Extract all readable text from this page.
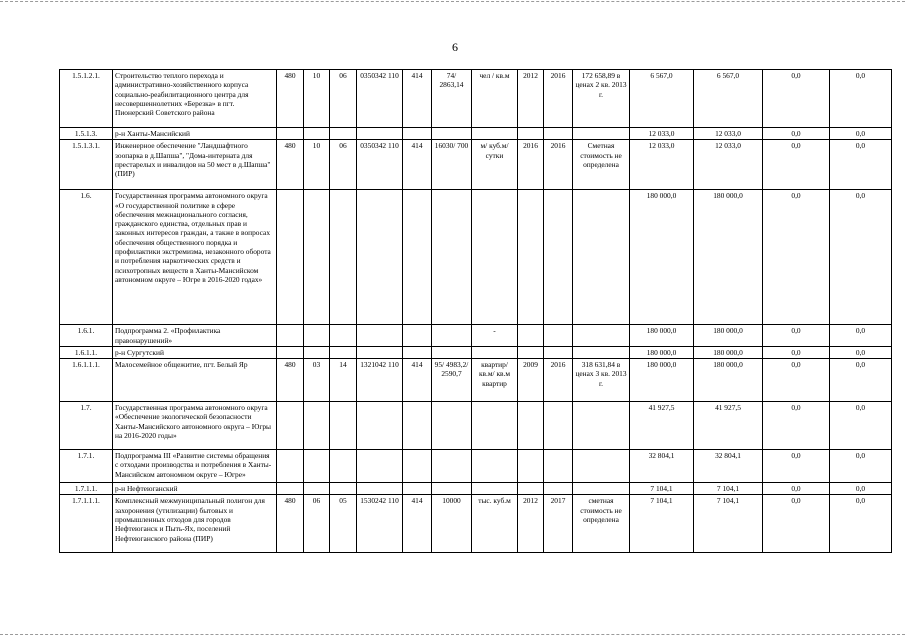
6
1.5.1.2.1.	Строительство теплого перехода и административно-хозяйственного корпуса социально-реабилитационного центра для несовершеннолетних «Березка» в пгт. Пионерский Советского района	480	10	06	0350342 110	414	74/ 2863,14	чел / кв.м	2012	2016	172 658,89 в ценах 2 кв. 2013 г.	6 567,0	6 567,0	0,0	0,0
1.5.1.3.	р-н Ханты-Мансийский											12 033,0	12 033,0	0,0	0,0
1.5.1.3.1.	Инженерное обеспечение "Ландшафтного зоопарка в д.Шапша", "Дома-интерната для престарелых и инвалидов на 50 мест в д.Шапша" (ПИР)	480	10	06	0350342 110	414	16030/ 700	м/ куб.м/ сутки	2016	2016	Сметная стоимость не определена	12 033,0	12 033,0	0,0	0,0
1.6.	Государственная программа автономного округа «О государственной политике в сфере обеспечения межнационального согласия, гражданского единства, отдельных прав и законных интересов граждан, а также в вопросах обеспечения общественного порядка и профилактики экстремизма, незаконного оборота и потребления наркотических средств и психотропных веществ в Ханты-Мансийском автономном округе – Югре в 2016-2020 годах»											180 000,0	180 000,0	0,0	0,0
1.6.1.	Подпрограмма 2. «Профилактика правонарушений»							-				180 000,0	180 000,0	0,0	0,0
1.6.1.1.	р-н Сургутский											180 000,0	180 000,0	0,0	0,0
1.6.1.1.1.	Малосемейное общежитие, пгт. Белый Яр	480	03	14	1321042 110	414	95/ 4983,2/ 2590,7	квартир/ кв.м/ кв.м квартир	2009	2016	318 631,84 в ценах 3 кв. 2013 г.	180 000,0	180 000,0	0,0	0,0
1.7.	Государственная программа автономного округа «Обеспечение экологической безопасности Ханты-Мансийского автономного округа – Югры на 2016-2020 годы»											41 927,5	41 927,5	0,0	0,0
1.7.1.	Подпрограмма III «Развитие системы обращения с отходами производства и потребления в Ханты-Мансийском автономном округе – Югре»											32 804,1	32 804,1	0,0	0,0
1.7.1.1.	р-н Нефтеюганский											7 104,1	7 104,1	0,0	0,0
1.7.1.1.1.	Комплексный межмуниципальный полигон для захоронения (утилизации) бытовых и промышленных отходов для городов Нефтеюганск и Пыть-Ях, поселений Нефтеюганского района (ПИР)	480	06	05	1530242 110	414	10000	тыс. куб.м	2012	2017	сметная стоимость не определена	7 104,1	7 104,1	0,0	0,0
